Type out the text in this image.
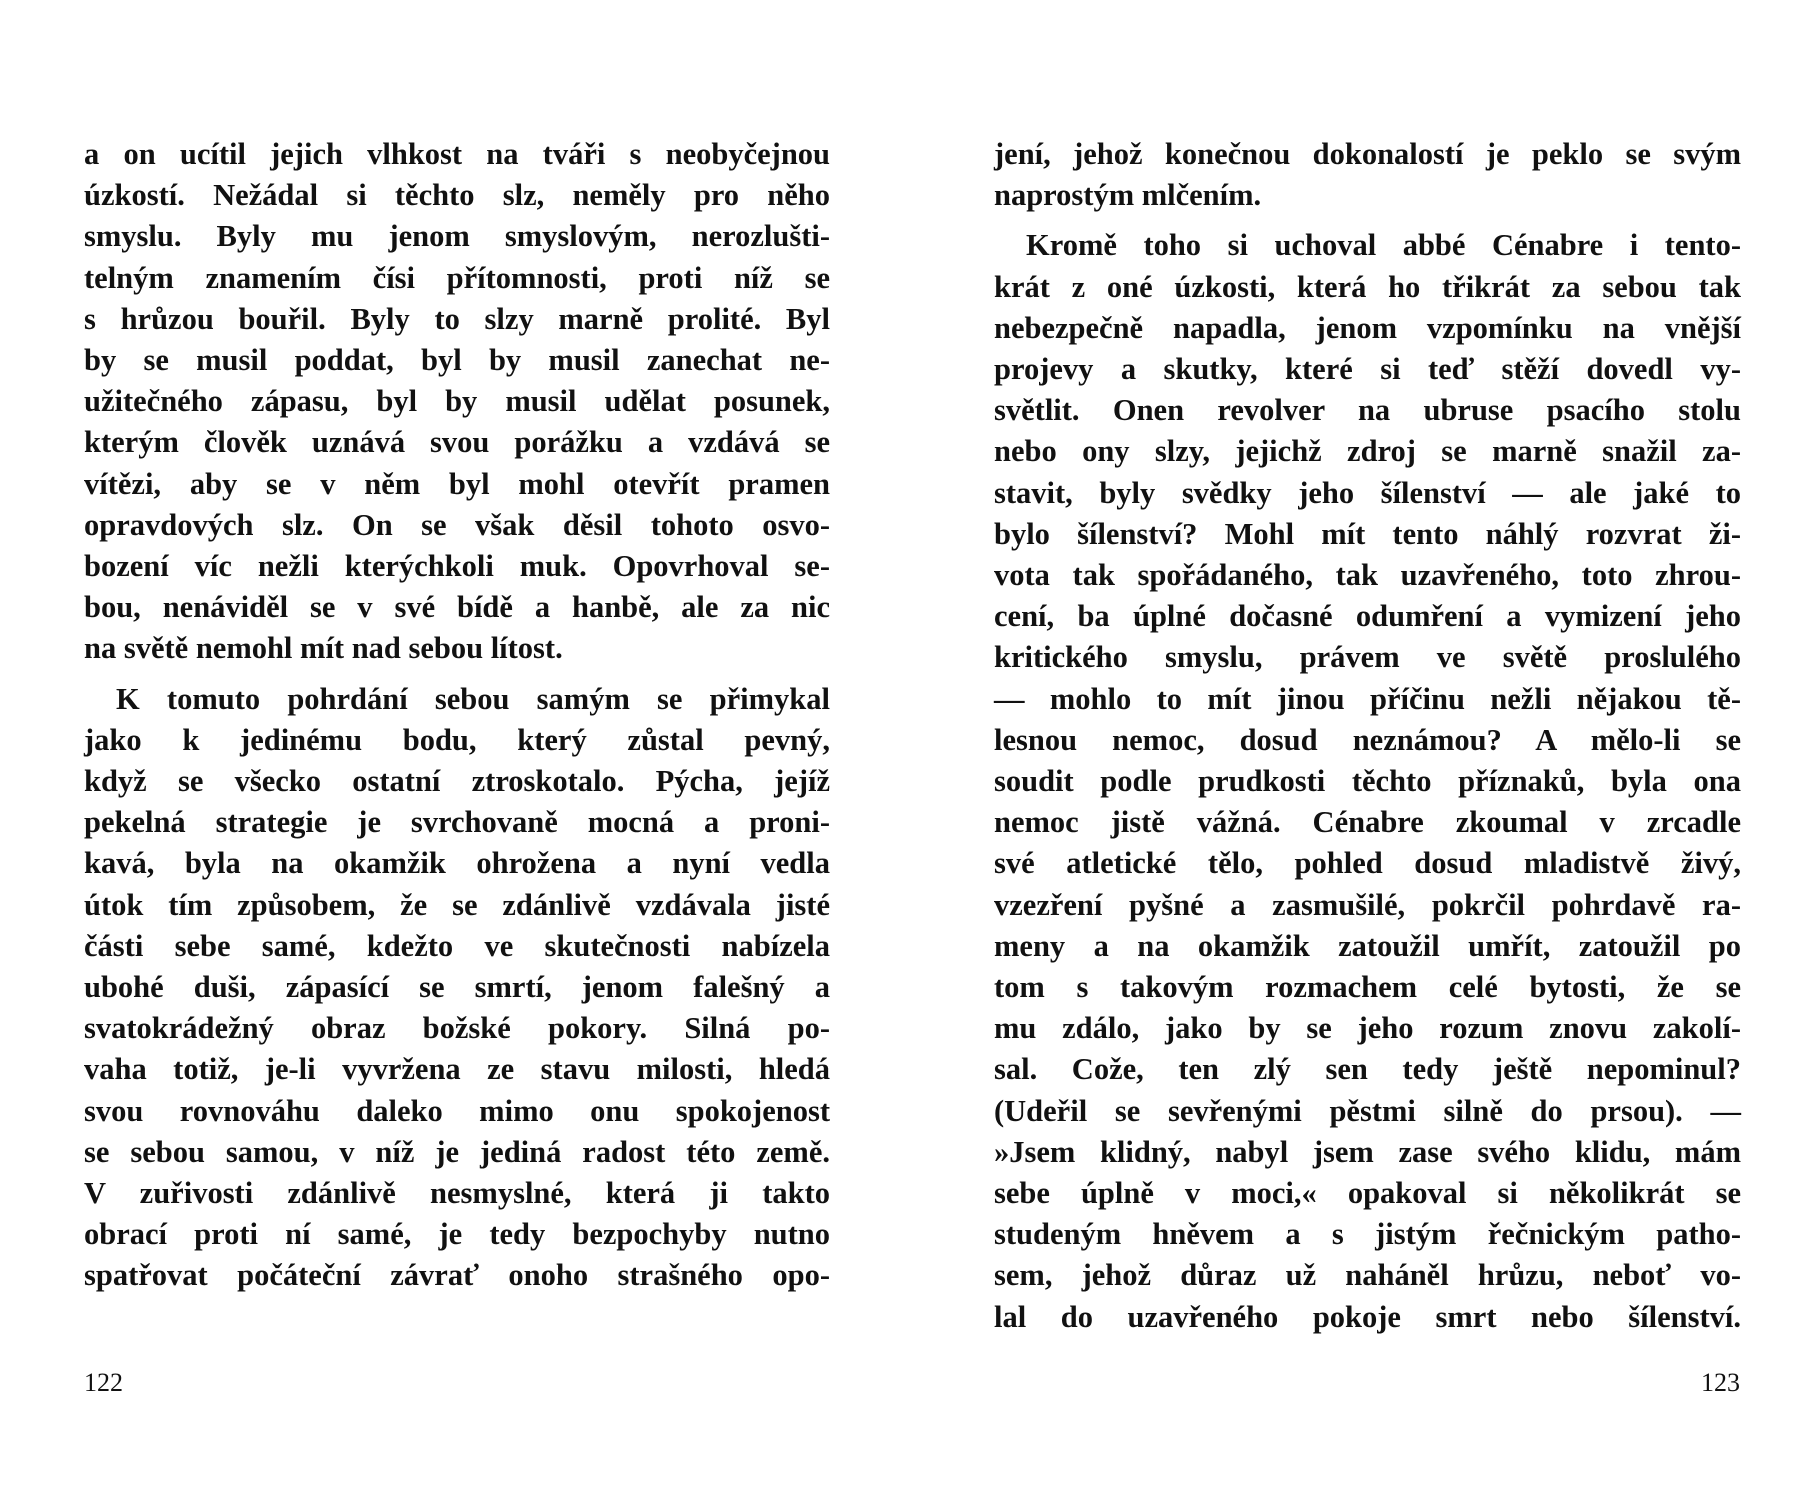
a on ucítil jejich vlhkost na tváři s neobyčejnou
úzkostí. Nežádal si těchto slz, neměly pro něho
smyslu. Byly mu jenom smyslovým, nerozlušti-
telným znamením čísi přítomnosti, proti níž se
s hrůzou bouřil. Byly to slzy marně prolité. Byl
by se musil poddat, byl by musil zanechat ne-
užitečného zápasu, byl by musil udělat posunek,
kterým člověk uznává svou porážku a vzdává se
vítězi, aby se v něm byl mohl otevřít pramen
opravdových slz. On se však děsil tohoto osvo-
bození víc nežli kterýchkoli muk. Opovrhoval se-
bou, nenáviděl se v své bídě a hanbě, ale za nic
na světě nemohl mít nad sebou lítost.
K tomuto pohrdání sebou samým se přimykal
jako k jedinému bodu, který zůstal pevný,
když se všecko ostatní ztroskotalo. Pýcha, jejíž
pekelná strategie je svrchovaně mocná a proni-
kavá, byla na okamžik ohrožena a nyní vedla
útok tím způsobem, že se zdánlivě vzdávala jisté
části sebe samé, kdežto ve skutečnosti nabízela
ubohé duši, zápasící se smrtí, jenom falešný a
svatokrádežný obraz božské pokory. Silná po-
vaha totiž, je-li vyvržena ze stavu milosti, hledá
svou rovnováhu daleko mimo onu spokojenost
se sebou samou, v níž je jediná radost této země.
V zuřivosti zdánlivě nesmyslné, která ji takto
obrací proti ní samé, je tedy bezpochyby nutno
spatřovat počáteční závrať onoho strašného opo-
122
jení, jehož konečnou dokonalostí je peklo se svým
naprostým mlčením.
Kromě toho si uchoval abbé Cénabre i tento-
krát z oné úzkosti, která ho třikrát za sebou tak
nebezpečně napadla, jenom vzpomínku na vnější
projevy a skutky, které si teď stěží dovedl vy-
světlit. Onen revolver na ubruse psacího stolu
nebo ony slzy, jejichž zdroj se marně snažil za-
stavit, byly svědky jeho šílenství — ale jaké to
bylo šílenství? Mohl mít tento náhlý rozvrat ži-
vota tak spořádaného, tak uzavřeného, toto zhrou-
cení, ba úplné dočasné odumření a vymizení jeho
kritického smyslu, právem ve světě proslulého
— mohlo to mít jinou příčinu nežli nějakou tě-
lesnou nemoc, dosud neznámou? A mělo-li se
soudit podle prudkosti těchto příznaků, byla ona
nemoc jistě vážná. Cénabre zkoumal v zrcadle
své atletické tělo, pohled dosud mladistvě živý,
vzezření pyšné a zasmušilé, pokrčil pohrdavě ra-
meny a na okamžik zatoužil umřít, zatoužil po
tom s takovým rozmachem celé bytosti, že se
mu zdálo, jako by se jeho rozum znovu zakolí-
sal. Cože, ten zlý sen tedy ještě nepominul?
(Udeřil se sevřenými pěstmi silně do prsou). —
»Jsem klidný, nabyl jsem zase svého klidu, mám
sebe úplně v moci,« opakoval si několikrát se
studeným hněvem a s jistým řečnickým patho-
sem, jehož důraz už naháněl hrůzu, neboť vo-
lal do uzavřeného pokoje smrt nebo šílenství.
123
